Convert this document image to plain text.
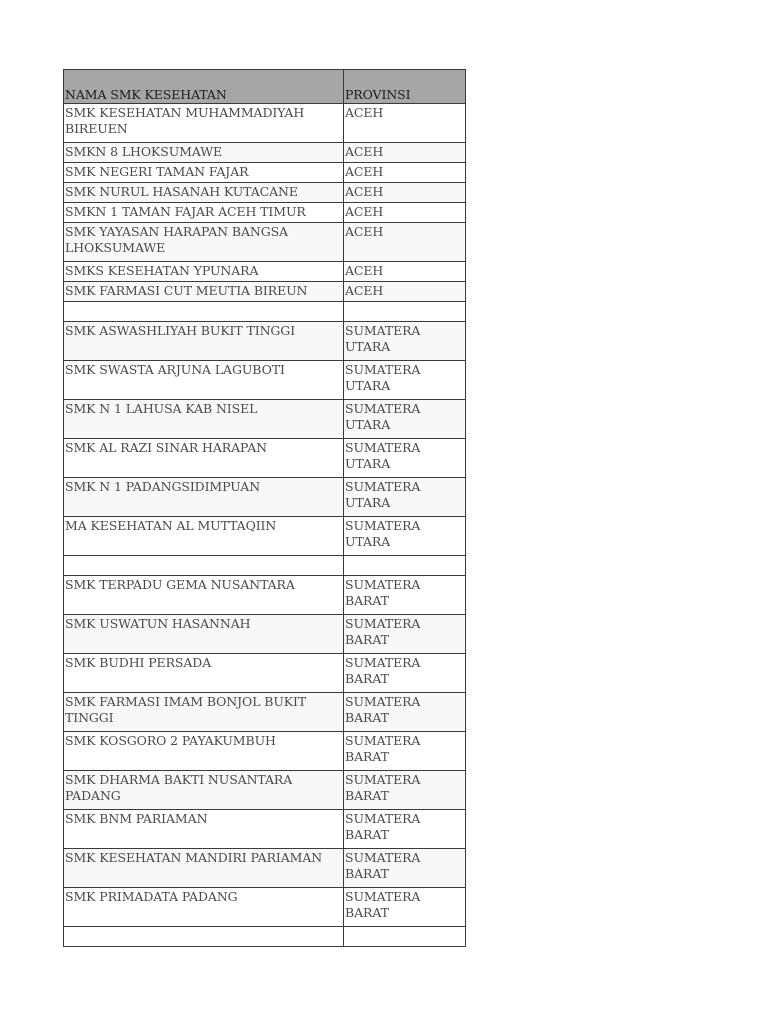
NAMA SMK KESEHATAN	PROVINSI
SMK KESEHATAN MUHAMMADIYAH BIREUEN	ACEH
SMKN 8 LHOKSUMAWE	ACEH
SMK NEGERI TAMAN FAJAR	ACEH
SMK NURUL HASANAH KUTACANE	ACEH
SMKN 1 TAMAN FAJAR ACEH TIMUR	ACEH
SMK YAYASAN HARAPAN BANGSA LHOKSUMAWE	ACEH
SMKS KESEHATAN YPUNARA	ACEH
SMK FARMASI CUT MEUTIA BIREUN	ACEH

SMK ASWASHLIYAH BUKIT TINGGI	SUMATERA UTARA
SMK SWASTA ARJUNA LAGUBOTI	SUMATERA UTARA
SMK N 1 LAHUSA KAB NISEL	SUMATERA UTARA
SMK AL RAZI SINAR HARAPAN	SUMATERA UTARA
SMK N 1 PADANGSIDIMPUAN	SUMATERA UTARA
MA KESEHATAN AL MUTTAQIIN	SUMATERA UTARA

SMK TERPADU GEMA NUSANTARA	SUMATERA BARAT
SMK USWATUN HASANNAH	SUMATERA BARAT
SMK BUDHI PERSADA	SUMATERA BARAT
SMK FARMASI IMAM BONJOL BUKIT TINGGI	SUMATERA BARAT
SMK KOSGORO 2 PAYAKUMBUH	SUMATERA BARAT
SMK DHARMA BAKTI NUSANTARA PADANG	SUMATERA BARAT
SMK BNM PARIAMAN	SUMATERA BARAT
SMK KESEHATAN MANDIRI PARIAMAN	SUMATERA BARAT
SMK PRIMADATA PADANG	SUMATERA BARAT
